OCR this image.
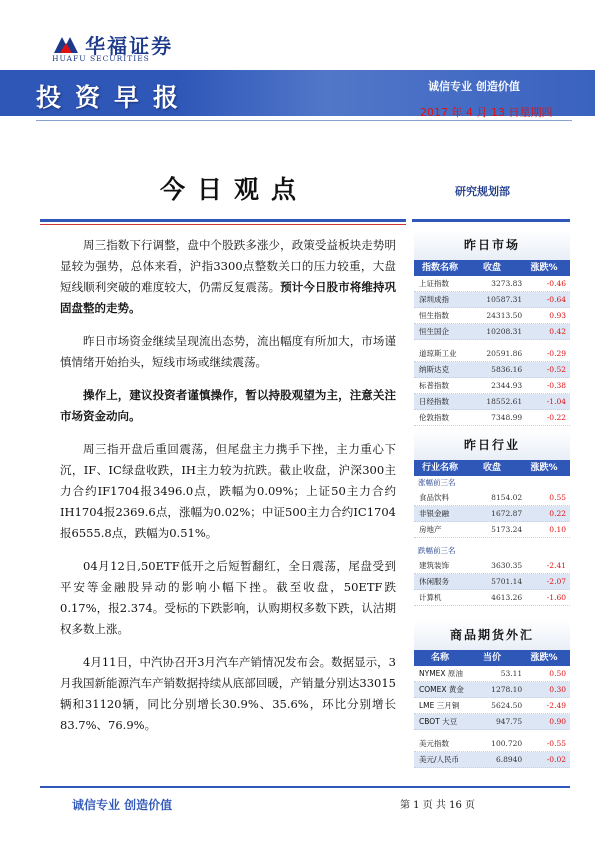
华福证券
HUAFU SECURITIES
投资早报	诚信专业 创造价值
2017 年 4 月 13 日星期四
今日观点	研究规划部

周三指数下行调整，盘中个股跌多涨少，政策受益板块走势明显较为强势，总体来看，沪指3300点整数关口的压力较重，大盘短线顺利突破的难度较大，仍需反复震荡。预计今日股市将维持巩固盘整的走势。

昨日市场资金继续呈现流出态势，流出幅度有所加大，市场谨慎情绪开始抬头，短线市场或继续震荡。

操作上，建议投资者谨慎操作，暂以持股观望为主，注意关注市场资金动向。

周三指开盘后重回震荡，但尾盘主力携手下挫，主力重心下沉，IF、IC绿盘收跌，IH主力较为抗跌。截止收盘，沪深300主力合约IF1704报3496.0点，跌幅为0.09%；上证50主力合约IH1704报2369.6点，涨幅为0.02%；中证500主力合约IC1704报6555.8点，跌幅为0.51%。

04月12日,50ETF低开之后短暂翻红，全日震荡，尾盘受到平安等金融股异动的影响小幅下挫。截至收盘，50ETF跌0.17%，报2.374。受标的下跌影响，认购期权多数下跌，认沽期权多数上涨。

4月11日，中汽协召开3月汽车产销情况发布会。数据显示，3月我国新能源汽车产销数据持续从底部回暖，产销量分别达33015辆和31120辆，同比分别增长30.9%、35.6%，环比分别增长83.7%、76.9%。

昨日市场
指数名称	收盘	涨跌%
上证指数	3273.83	-0.46
深圳成指	10587.31	-0.64
恒生指数	24313.50	0.93
恒生国企	10208.31	0.42
道琼斯工业	20591.86	-0.29
纳斯达克	5836.16	-0.52
标普指数	2344.93	-0.38
日经指数	18552.61	-1.04
伦敦指数	7348.99	-0.22
昨日行业
行业名称	收盘	涨跌%
涨幅前三名
食品饮料	8154.02	0.55
非银金融	1672.87	0.22
房地产	5173.24	0.10
跌幅前三名
建筑装饰	3630.35	-2.41
休闲服务	5701.14	-2.07
计算机	4613.26	-1.60
商品期货外汇
名称	当价	涨跌%
NYMEX 原油	53.11	0.50
COMEX 黄金	1278.10	0.30
LME 三月铜	5624.50	-2.49
CBOT 大豆	947.75	0.90
美元指数	100.720	-0.55
美元/人民币	6.8940	-0.02
诚信专业 创造价值	第 1 页 共 16 页
